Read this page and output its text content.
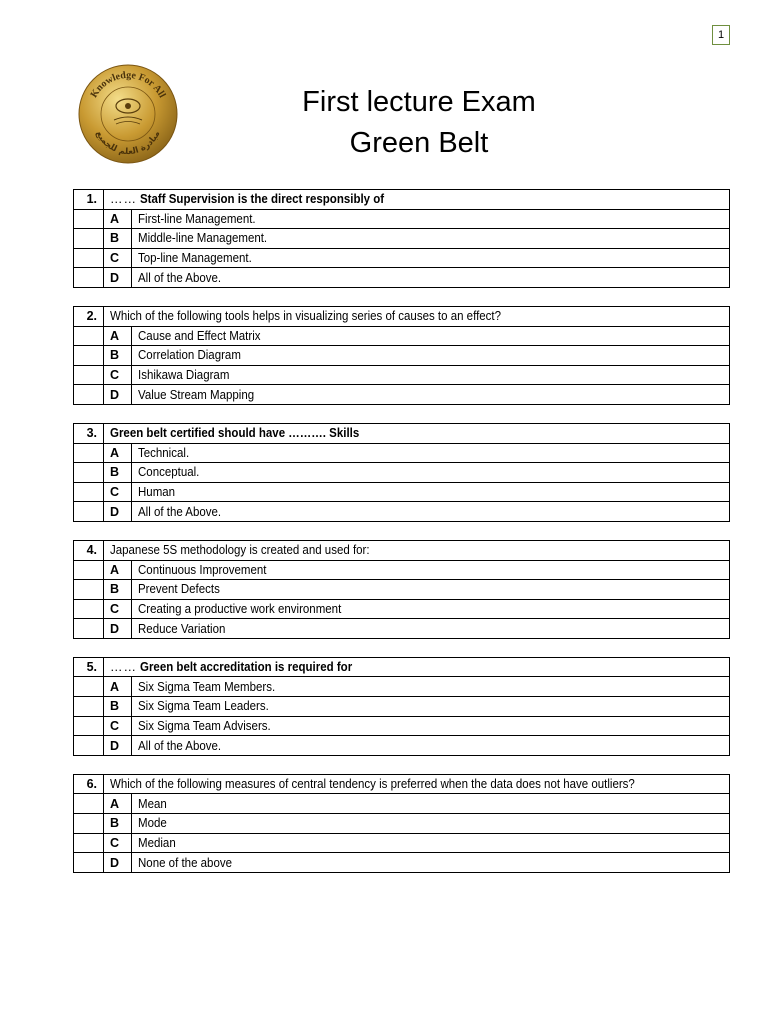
1
Knowledge For All
مبادرة العلم للجميع
First lecture Exam
Green Belt
1.	…… Staff Supervision is the direct responsibly of	
	A	First-line Management.
	B	Middle-line Management.
	C	Top-line Management.
	D	All of the Above.
2.	Which of the following tools helps in visualizing series of causes to an effect?	
	A	Cause and Effect Matrix
	B	Correlation Diagram
	C	Ishikawa Diagram
	D	Value Stream Mapping
3.	Green belt certified should have ………. Skills	
	A	Technical.
	B	Conceptual.
	C	Human
	D	All of the Above.
4.	Japanese 5S methodology is created and used for:	
	A	Continuous Improvement
	B	Prevent Defects
	C	Creating a productive work environment
	D	Reduce Variation
5.	…… Green belt accreditation is required for	
	A	Six Sigma Team Members.
	B	Six Sigma Team Leaders.
	C	Six Sigma Team Advisers.
	D	All of the Above.
6.	Which of the following measures of central tendency is preferred when the data does not have outliers?	
	A	Mean
	B	Mode
	C	Median
	D	None of the above
